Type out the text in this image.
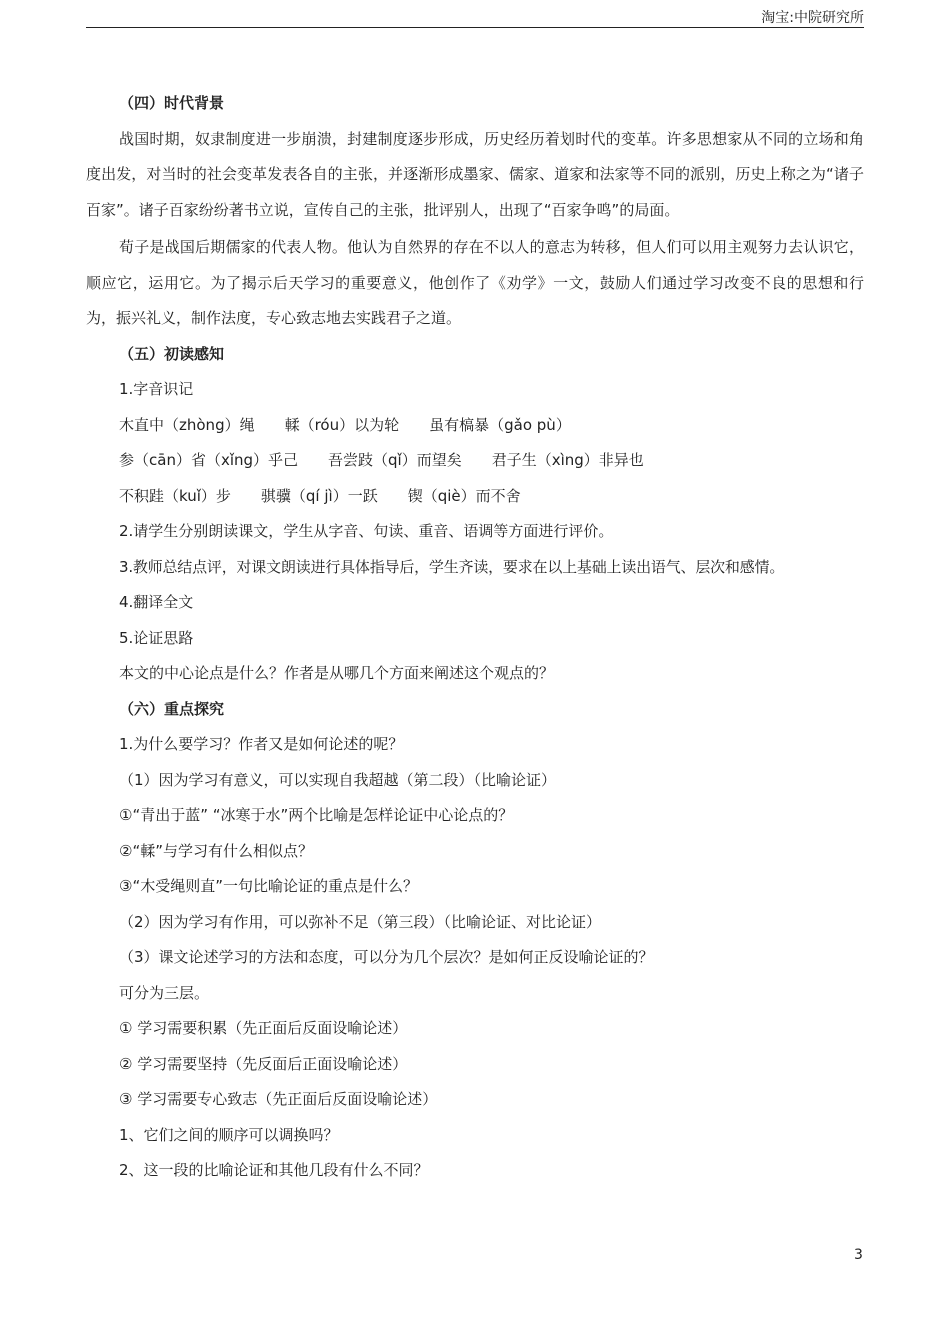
淘宝:中院研究所
（四）时代背景
战国时期，奴隶制度进一步崩溃，封建制度逐步形成，历史经历着划时代的变革。许多思想家从不同的立场和角度出发，对当时的社会变革发表各自的主张，并逐渐形成墨家、儒家、道家和法家等不同的派别，历史上称之为“诸子百家”。诸子百家纷纷著书立说，宣传自己的主张，批评别人，出现了“百家争鸣”的局面。
荀子是战国后期儒家的代表人物。他认为自然界的存在不以人的意志为转移，但人们可以用主观努力去认识它，顺应它，运用它。为了揭示后天学习的重要意义，他创作了《劝学》一文，鼓励人们通过学习改变不良的思想和行为，振兴礼义，制作法度，专心致志地去实践君子之道。
（五）初读感知
1.字音识记
木直中（zhòng）绳 輮（róu）以为轮 虽有槁暴（gǎo pù）
参（cān）省（xǐng）乎己 吾尝跂（qǐ）而望矣 君子生（xìng）非异也
不积跬（kuǐ）步 骐骥（qí jì）一跃 锲（qiè）而不舍
2.请学生分别朗读课文，学生从字音、句读、重音、语调等方面进行评价。
3.教师总结点评，对课文朗读进行具体指导后，学生齐读，要求在以上基础上读出语气、层次和感情。
4.翻译全文
5.论证思路
本文的中心论点是什么？作者是从哪几个方面来阐述这个观点的？
（六）重点探究
1.为什么要学习？作者又是如何论述的呢？
（1）因为学习有意义，可以实现自我超越（第二段）（比喻论证）
①“青出于蓝” “冰寒于水”两个比喻是怎样论证中心论点的？
②“輮”与学习有什么相似点？
③“木受绳则直”一句比喻论证的重点是什么？
（2）因为学习有作用，可以弥补不足（第三段）（比喻论证、对比论证）
（3）课文论述学习的方法和态度，可以分为几个层次？是如何正反设喻论证的？
可分为三层。
① 学习需要积累（先正面后反面设喻论述）
② 学习需要坚持（先反面后正面设喻论述）
③ 学习需要专心致志（先正面后反面设喻论述）
1、它们之间的顺序可以调换吗？
2、这一段的比喻论证和其他几段有什么不同？
3
